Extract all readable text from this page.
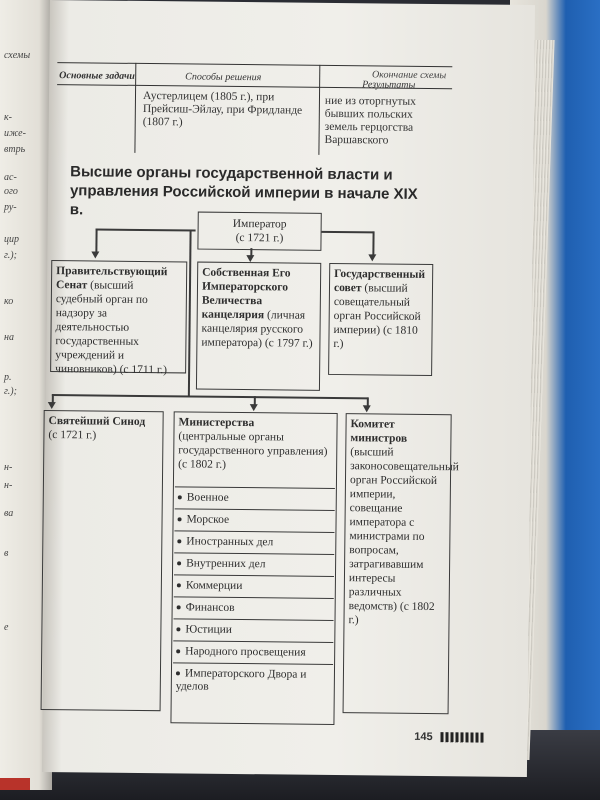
схемы
к-
иже-
втрь
ас-
ого
ру-
цир
г.);
ко
на
р.
г.);
н-
н-
ва
в
е
Основные задачи	Способы решения
Результаты
Аустерлицем (1805 г.), при Прейсиш-Эйлау, при Фридланде (1807 г.)
ние из оторгнутых бывших польских земель герцогства Варшавского
Окончание схемы
Высшие органы государственной власти и управления Российской империи в начале XIX в.
Император
(с 1721 г.)
Правительствующий Сенат (высший судебный орган по надзору за деятельностью государственных учреждений и чиновников) (с 1711 г.)
Собственная Его Императорского Величества канцелярия (личная канцелярия русского императора) (с 1797 г.)
Государственный совет (высший совещательный орган Российской империи) (с 1810 г.)
Святейший Синод
(с 1721 г.)
Министерства
(центральные органы государственного управления) (с 1802 г.)
Военное
Морское
Иностранных дел
Внутренних дел
Коммерции
Финансов
Юстиции
Народного просвещения
Императорского Двора и уделов
Комитет министров (высший законосовещательный орган Российской империи, совещание императора с министрами по вопросам, затрагивавшим интересы различных ведомств) (с 1802 г.)
145
